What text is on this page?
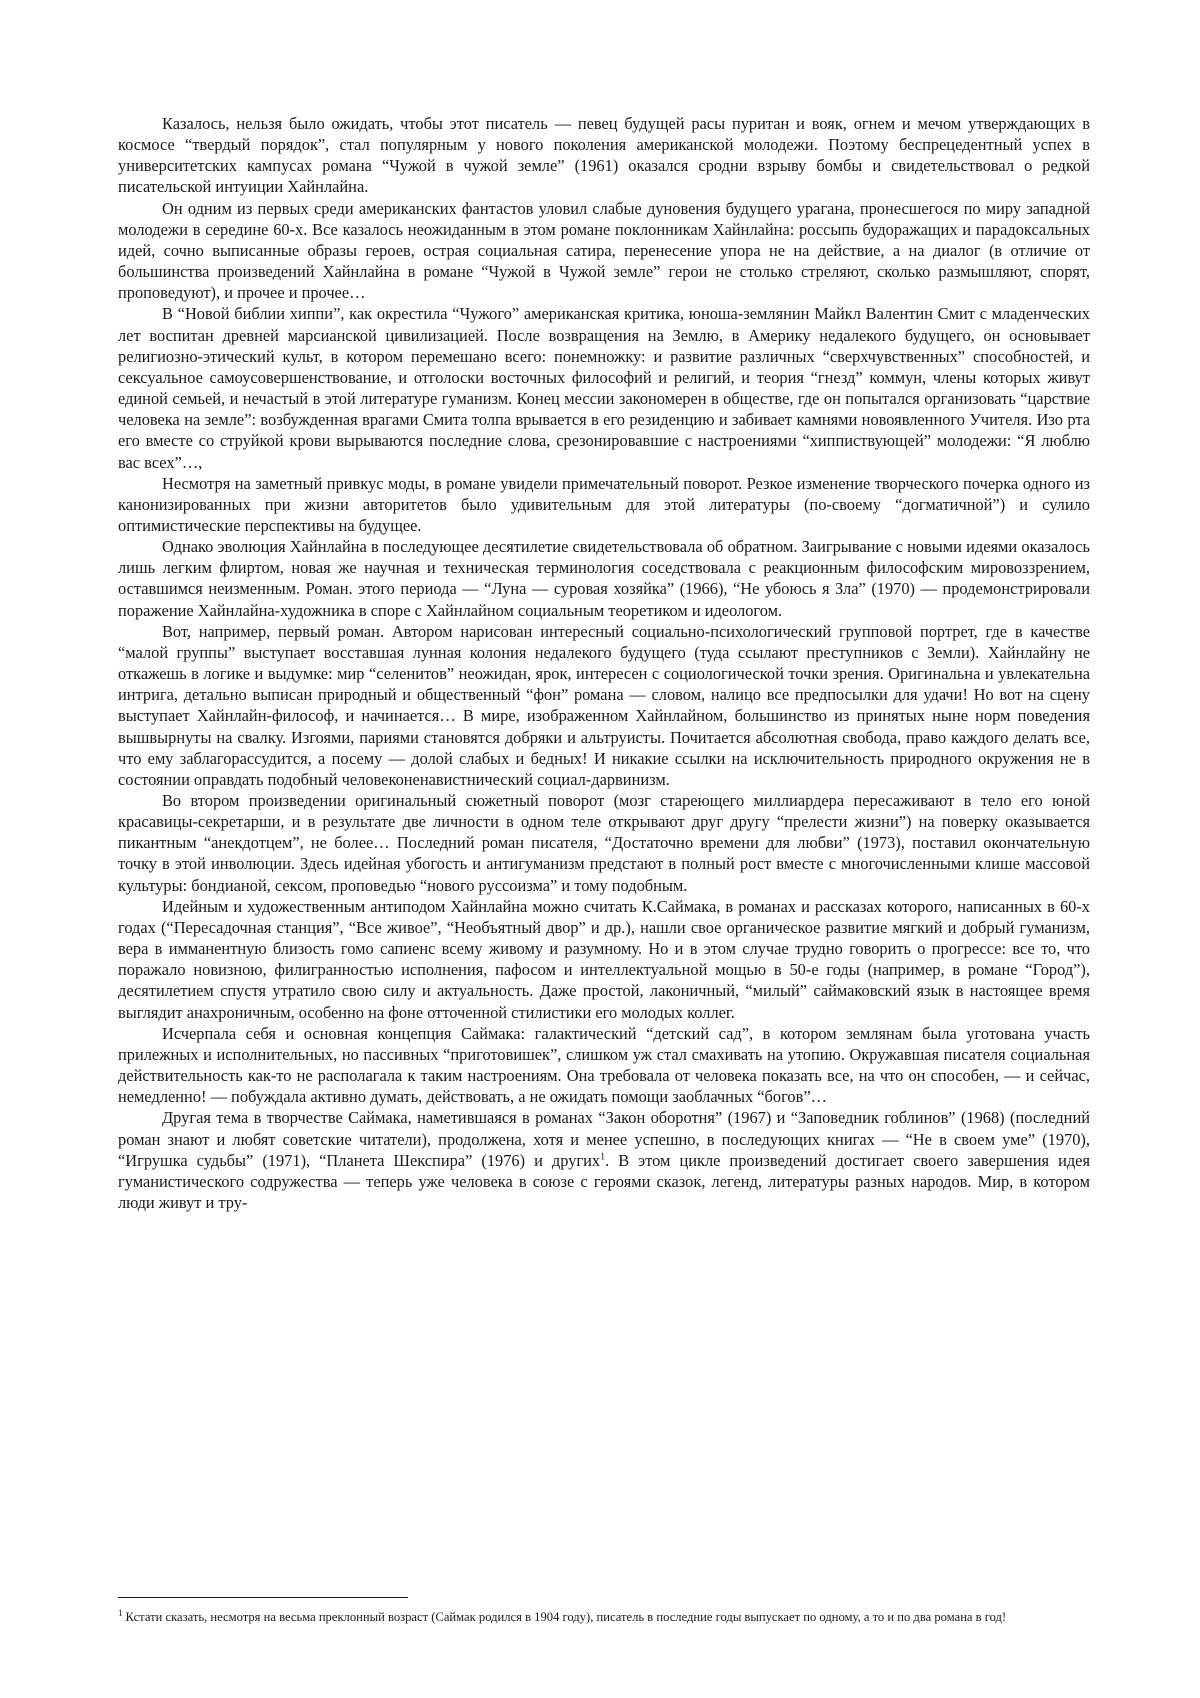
Казалось, нельзя было ожидать, чтобы этот писатель — певец будущей расы пуритан и вояк, огнем и мечом утверждающих в космосе “твердый порядок”, стал популярным у нового поколения американской молодежи. Поэтому беспрецедентный успех в университетских кампусах романа “Чужой в чужой земле” (1961) оказался сродни взрыву бомбы и свидетельствовал о редкой писательской интуиции Хайнлайна.

Он одним из первых среди американских фантастов уловил слабые дуновения будущего урагана, пронесшегося по миру западной молодежи в середине 60-х. Все казалось неожиданным в этом романе поклонникам Хайнлайна: россыпь будоражащих и парадоксальных идей, сочно выписанные образы героев, острая социальная сатира, перенесение упора не на действие, а на диалог (в отличие от большинства произведений Хайнлайна в романе “Чужой в Чужой земле” герои не столько стреляют, сколько размышляют, спорят, проповедуют), и прочее и прочее…

В “Новой библии хиппи”, как окрестила “Чужого” американская критика, юноша-землянин Майкл Валентин Смит с младенческих лет воспитан древней марсианской цивилизацией. После возвращения на Землю, в Америку недалекого будущего, он основывает религиозно-этический культ, в котором перемешано всего: понемножку: и развитие различных “сверхчувственных” способностей, и сексуальное самоусовершенствование, и отголоски восточных философий и религий, и теория “гнезд” коммун, члены которых живут единой семьей, и нечастый в этой литературе гуманизм. Конец мессии закономерен в обществе, где он попытался организовать “царствие человека на земле”: возбужденная врагами Смита толпа врывается в его резиденцию и забивает камнями новоявленного Учителя. Изо рта его вместе со струйкой крови вырываются последние слова, срезонировавшие с настроениями “хиппиствующей” молодежи: “Я люблю вас всех”…,

Несмотря на заметный привкус моды, в романе увидели примечательный поворот. Резкое изменение творческого почерка одного из канонизированных при жизни авторитетов было удивительным для этой литературы (по-своему “догматичной”) и сулило оптимистические перспективы на будущее.

Однако эволюция Хайнлайна в последующее десятилетие свидетельствовала об обратном. Заигрывание с новыми идеями оказалось лишь легким флиртом, новая же научная и техническая терминология соседствовала с реакционным философским мировоззрением, оставшимся неизменным. Роман. этого периода — “Луна — суровая хозяйка” (1966), “Не убоюсь я Зла” (1970) — продемонстрировали поражение Хайнлайна-художника в споре с Хайнлайном социальным теоретиком и идеологом.

Вот, например, первый роман. Автором нарисован интересный социально-психологический групповой портрет, где в качестве “малой группы” выступает восставшая лунная колония недалекого будущего (туда ссылают преступников с Земли). Хайнлайну не откажешь в логике и выдумке: мир “селенитов” неожидан, ярок, интересен с социологической точки зрения. Оригинальна и увлекательна интрига, детально выписан природный и общественный “фон” романа — словом, налицо все предпосылки для удачи! Но вот на сцену выступает Хайнлайн-философ, и начинается… В мире, изображенном Хайнлайном, большинство из принятых ныне норм поведения вышвырнуты на свалку. Изгоями, париями становятся добряки и альтруисты. Почитается абсолютная свобода, право каждого делать все, что ему заблагорассудится, а посему — долой слабых и бедных! И никакие ссылки на исключительность природного окружения не в состоянии оправдать подобный человеконенавистнический социал-дарвинизм.

Во втором произведении оригинальный сюжетный поворот (мозг стареющего миллиардера пересаживают в тело его юной красавицы-секретарши, и в результате две личности в одном теле открывают друг другу “прелести жизни”) на поверку оказывается пикантным “анекдотцем”, не более… Последний роман писателя, “Достаточно времени для любви” (1973), поставил окончательную точку в этой инволюции. Здесь идейная убогость и антигуманизм предстают в полный рост вместе с многочисленными клише массовой культуры: бондианой, сексом, проповедью “нового руссоизма” и тому подобным.

Идейным и художественным антиподом Хайнлайна можно считать К.Саймака, в романах и рассказах которого, написанных в 60-х годах (“Пересадочная станция”, “Все живое”, “Необъятный двор” и др.), нашли свое органическое развитие мягкий и добрый гуманизм, вера в имманентную близость гомо сапиенс всему живому и разумному. Но и в этом случае трудно говорить о прогрессе: все то, что поражало новизною, филигранностью исполнения, пафосом и интеллектуальной мощью в 50-е годы (например, в романе “Город”), десятилетием спустя утратило свою силу и актуальность. Даже простой, лаконичный, “милый” саймаковский язык в настоящее время выглядит анахроничным, особенно на фоне отточенной стилистики его молодых коллег.

Исчерпала себя и основная концепция Саймака: галактический “детский сад”, в котором землянам была уготована участь прилежных и исполнительных, но пассивных “приготовишек”, слишком уж стал смахивать на утопию. Окружавшая писателя социальная действительность как-то не располагала к таким настроениям. Она требовала от человека показать все, на что он способен, — и сейчас, немедленно! — побуждала активно думать, действовать, а не ожидать помощи заоблачных “богов”…

Другая тема в творчестве Саймака, наметившаяся в романах “Закон оборотня” (1967) и “Заповедник гоблинов” (1968) (последний роман знают и любят советские читатели), продолжена, хотя и менее успешно, в последующих книгах — “Не в своем уме” (1970), “Игрушка судьбы” (1971), “Планета Шекспира” (1976) и других$^1$. В этом цикле произведений достигает своего завершения идея гуманистического содружества — теперь уже человека в союзе с героями сказок, легенд, литературы разных народов. Мир, в котором люди живут и тру-

$^1$ Кстати сказать, несмотря на весьма преклонный возраст (Саймак родился в 1904 году), писатель в последние годы выпускает по одному, а то и по два романа в год!
